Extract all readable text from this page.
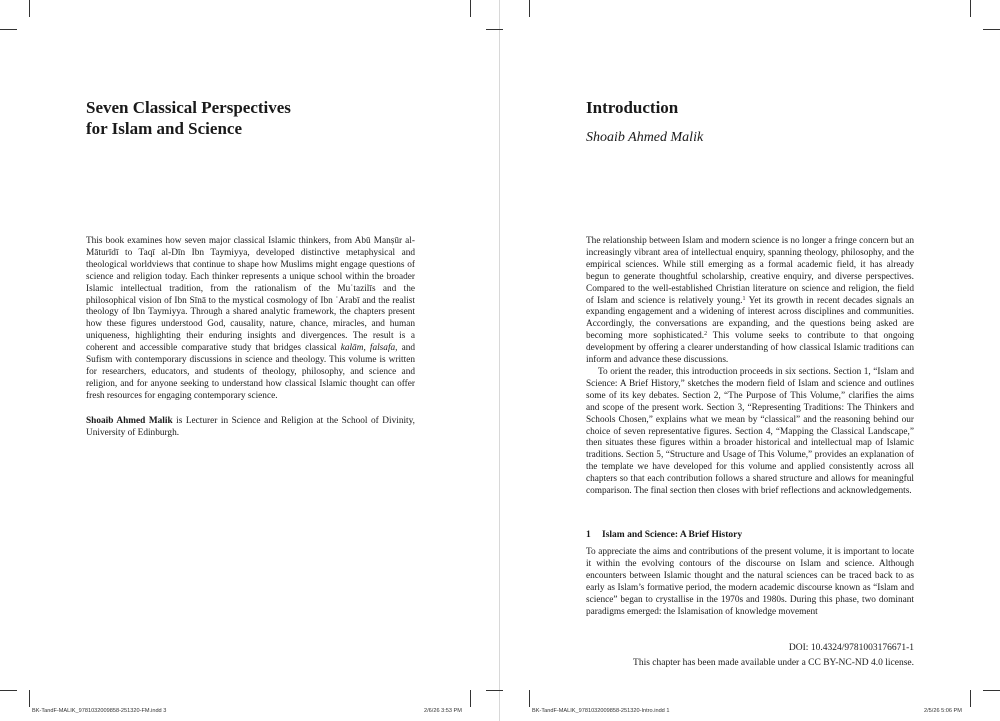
Seven Classical Perspectives
for Islam and Science

This book examines how seven major classical Islamic thinkers, from Abū Manṣūr al-Māturīdī to Taqī al-Dīn Ibn Taymiyya, developed distinctive metaphysical and theological worldviews that continue to shape how Muslims might engage questions of science and religion today. Each thinker represents a unique school within the broader Islamic intellectual tradition, from the rationalism of the Muʿtazilīs and the philosophical vision of Ibn Sīnā to the mystical cosmology of Ibn ʿArabī and the realist theology of Ibn Taymiyya. Through a shared analytic framework, the chapters present how these figures understood God, causality, nature, chance, miracles, and human uniqueness, highlighting their enduring insights and divergences. The result is a coherent and accessible comparative study that bridges classical kalām, falsafa, and Sufism with contemporary discussions in science and theology. This volume is written for researchers, educators, and students of theology, philosophy, and science and religion, and for anyone seeking to understand how classical Islamic thought can offer fresh resources for engaging contemporary science.

Shoaib Ahmed Malik is Lecturer in Science and Religion at the School of Divinity, University of Edinburgh.

BK-TandF-MALIK_9781032009858-251320-FM.indd 3	2/6/26 3:53 PM
Introduction
Shoaib Ahmed Malik

The relationship between Islam and modern science is no longer a fringe concern but an increasingly vibrant area of intellectual enquiry, spanning theology, philosophy, and the empirical sciences. While still emerging as a formal academic field, it has already begun to generate thoughtful scholarship, creative enquiry, and diverse perspectives. Compared to the well-established Christian literature on science and religion, the field of Islam and science is relatively young.$^1$ Yet its growth in recent decades signals an expanding engagement and a widening of interest across disciplines and communities. Accordingly, the conversations are expanding, and the questions being asked are becoming more sophisticated.$^2$ This volume seeks to contribute to that ongoing development by offering a clearer understanding of how classical Islamic traditions can inform and advance these discussions.

To orient the reader, this introduction proceeds in six sections. Section 1, “Islam and Science: A Brief History,” sketches the modern field of Islam and science and outlines some of its key debates. Section 2, “The Purpose of This Volume,” clarifies the aims and scope of the present work. Section 3, “Representing Traditions: The Thinkers and Schools Chosen,” explains what we mean by “classical” and the reasoning behind our choice of seven representative figures. Section 4, “Mapping the Classical Landscape,” then situates these figures within a broader historical and intellectual map of Islamic traditions. Section 5, “Structure and Usage of This Volume,” provides an explanation of the template we have developed for this volume and applied consistently across all chapters so that each contribution follows a shared structure and allows for meaningful comparison. The final section then closes with brief reflections and acknowledgements.

1 Islam and Science: A Brief History

To appreciate the aims and contributions of the present volume, it is important to locate it within the evolving contours of the discourse on Islam and science. Although encounters between Islamic thought and the natural sciences can be traced back to as early as Islam’s formative period, the modern academic discourse known as “Islam and science” began to crystallise in the 1970s and 1980s. During this phase, two dominant paradigms emerged: the Islamisation of knowledge movement

DOI: 10.4324/9781003176671-1
This chapter has been made available under a CC BY-NC-ND 4.0 license.
BK-TandF-MALIK_9781032009858-251320-Intro.indd 1	2/5/26 5:06 PM
